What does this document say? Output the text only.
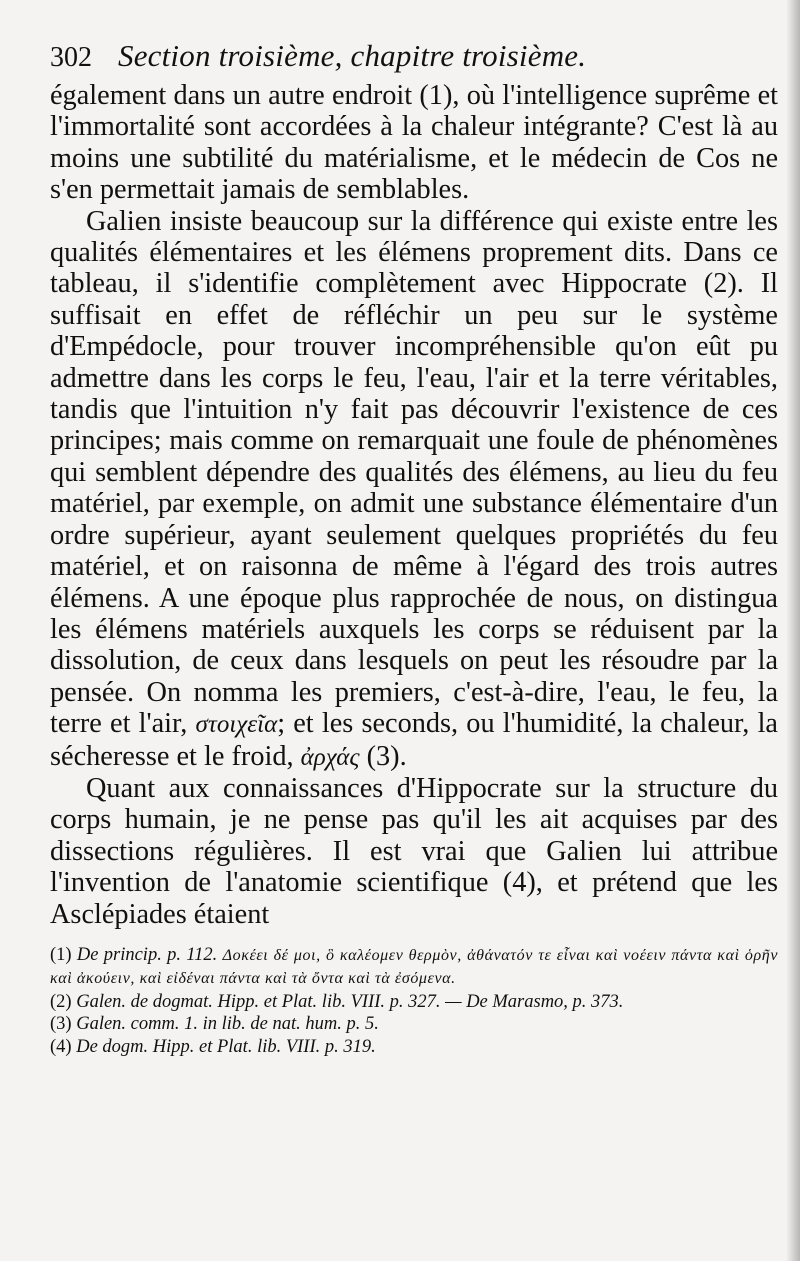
302 Section troisième, chapitre troisième.

également dans un autre endroit (1), où l'intelligence suprême et l'immortalité sont accordées à la chaleur intégrante? C'est là au moins une subtilité du matérialisme, et le médecin de Cos ne s'en permettait jamais de semblables.

Galien insiste beaucoup sur la différence qui existe entre les qualités élémentaires et les élémens proprement dits. Dans ce tableau, il s'identifie complètement avec Hippocrate (2). Il suffisait en effet de réfléchir un peu sur le système d'Empédocle, pour trouver incompréhensible qu'on eût pu admettre dans les corps le feu, l'eau, l'air et la terre véritables, tandis que l'intuition n'y fait pas découvrir l'existence de ces principes; mais comme on remarquait une foule de phénomènes qui semblent dépendre des qualités des élémens, au lieu du feu matériel, par exemple, on admit une substance élémentaire d'un ordre supérieur, ayant seulement quelques propriétés du feu matériel, et on raisonna de même à l'égard des trois autres élémens. A une époque plus rapprochée de nous, on distingua les élémens matériels auxquels les corps se réduisent par la dissolution, de ceux dans lesquels on peut les résoudre par la pensée. On nomma les premiers, c'est-à-dire, l'eau, le feu, la terre et l'air, στοιχεῖα; et les seconds, ou l'humidité, la chaleur, la sécheresse et le froid, ἀρχάς (3).

Quant aux connaissances d'Hippocrate sur la structure du corps humain, je ne pense pas qu'il les ait acquises par des dissections régulières. Il est vrai que Galien lui attribue l'invention de l'anatomie scientifique (4), et prétend que les Asclépiades étaient

(1) De princip. p. 112. Δοκέει δέ μοι, ὃ καλέομεν θερμὸν, ἀθάνατόν τε εἶναι καὶ νοέειν πάντα καὶ ὁρῆν καὶ ἀκούειν, καὶ εἰδέναι πάντα καὶ τὰ ὄντα καὶ τὰ ἐσόμενα.

(2) Galen. de dogmat. Hipp. et Plat. lib. VIII. p. 327. — De Marasmo, p. 373.

(3) Galen. comm. 1. in lib. de nat. hum. p. 5.

(4) De dogm. Hipp. et Plat. lib. VIII. p. 319.
